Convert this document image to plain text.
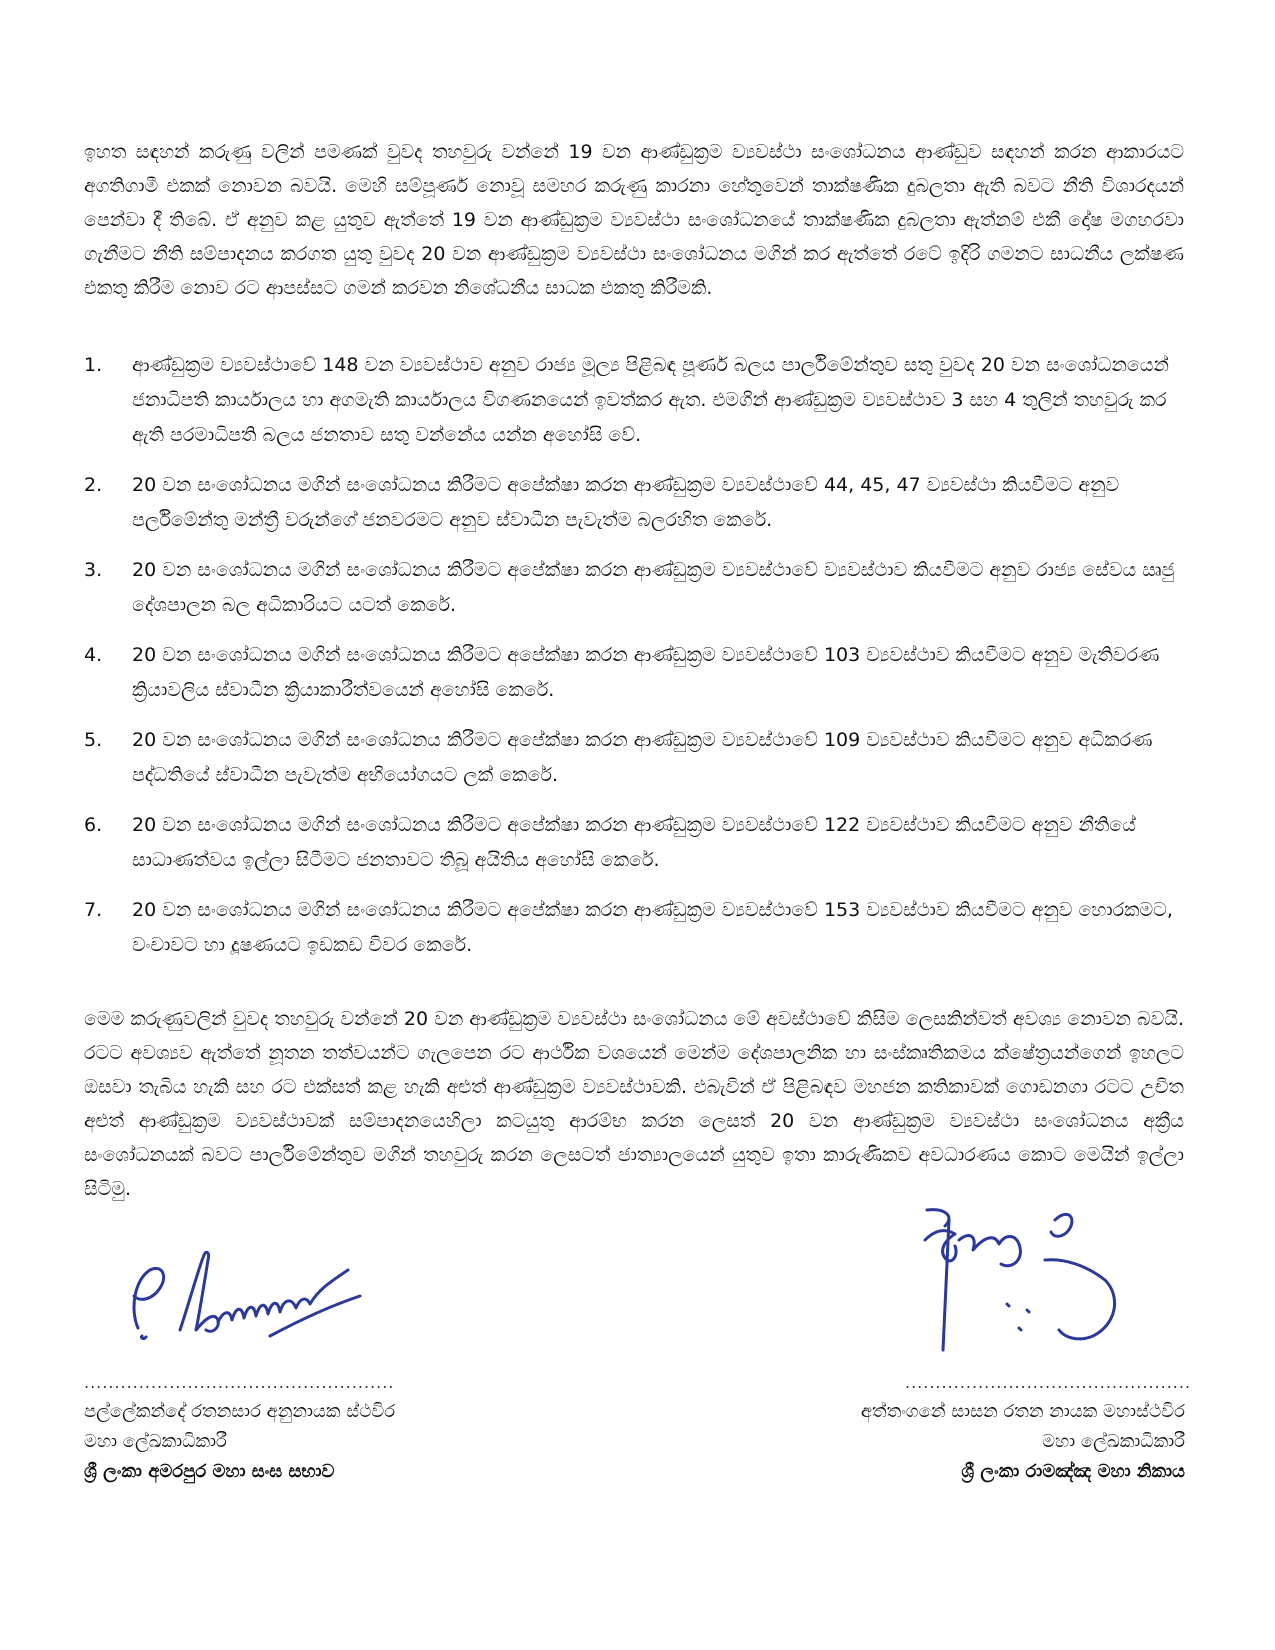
ඉහත සඳහන් කරුණු වලින් පමණක් වුවද තහවුරු වන්නේ 19 වන ආණ්ඩුක්‍රම ව්‍යවස්ථා සංශෝධනය ආණ්ඩුව සඳහන් කරන ආකාරයට අගතිගාමී එකක් නොවන බවයි. මෙහි සම්පූර්ණ නොවූ සමහර කරුණු කාරනා හේතුවෙන් තාක්ෂණික දුබලතා ඇති බවට නීති විශාරදයන් පෙන්වා දී තිබේ. ඒ අනුව කළ යුතුව ඇත්තේ 19 වන ආණ්ඩුක්‍රම ව්‍යවස්ථා සංශෝධනයේ තාක්ෂණික දුබලතා ඇත්නම් එකී දෝෂ මගහරවා ගැනීමට නීති සම්පාදනය කරගත යුතු වුවද 20 වන ආණ්ඩුක්‍රම ව්‍යවස්ථා සංශෝධනය මගින් කර ඇත්තේ රටේ ඉදිරි ගමනට සාධනීය ලක්ෂණ එකතු කිරීම නොව රට ආපස්සට ගමන් කරවන නිශේධනීය සාධක එකතු කිරීමකි.

1. ආණ්ඩුක්‍රම ව්‍යවස්ථාවේ 148 වන ව්‍යවස්ථාව අනුව රාජ්‍ය මූල්‍ය පිළිබඳ පූර්ණ බලය පාර්ලිමේන්තුව සතු වුවද 20 වන සංශෝධනයෙන් ජනාධිපති කාර්යාලය හා අගමැති කාර්යාලය විගණනයෙන් ඉවත්කර ඇත. එමගින් ආණ්ඩුක්‍රම ව්‍යවස්ථාව 3 සහ 4 තුලින් තහවුරු කර ඇති පරමාධිපති බලය ජනතාව සතු වන්නේය යන්න අහෝසි වේ.
2. 20 වන සංශෝධනය මගින් සංශෝධනය කිරීමට අපේක්ෂා කරන ආණ්ඩුක්‍රම ව්‍යවස්ථාවේ 44, 45, 47 ව්‍යවස්ථා කියවීමට අනුව පර්ලිමේන්තු මන්ත්‍රී වරුන්ගේ ජනවරමට අනුව ස්වාධීන පැවැත්ම බලරහිත කෙරේ.
3. 20 වන සංශෝධනය මගින් සංශෝධනය කිරීමට අපේක්ෂා කරන ආණ්ඩුක්‍රම ව්‍යවස්ථාවේ ව්‍යවස්ථාව කියවීමට අනුව රාජ්‍ය සේවය ඍජු දේශපාලන බල අධිකාරියට යටත් කෙරේ.
4. 20 වන සංශෝධනය මගින් සංශෝධනය කිරීමට අපේක්ෂා කරන ආණ්ඩුක්‍රම ව්‍යවස්ථාවේ 103 ව්‍යවස්ථාව කියවීමට අනුව මැතිවරණ ක්‍රියාවලිය ස්වාධීන ක්‍රියාකාරීත්වයෙන් අහෝසි කෙරේ.
5. 20 වන සංශෝධනය මගින් සංශෝධනය කිරීමට අපේක්ෂා කරන ආණ්ඩුක්‍රම ව්‍යවස්ථාවේ 109 ව්‍යවස්ථාව කියවීමට අනුව අධිකරණ පද්ධතියේ ස්වාධීන පැවැත්ම අභියෝගයට ලක් කෙරේ.
6. 20 වන සංශෝධනය මගින් සංශෝධනය කිරීමට අපේක්ෂා කරන ආණ්ඩුක්‍රම ව්‍යවස්ථාවේ 122 ව්‍යවස්ථාව කියවීමට අනුව නීතියේ සාධාණත්වය ඉල්ලා සිටීමට ජනතාවට තිබූ අයිතිය අහෝසි කෙරේ.
7. 20 වන සංශෝධනය මගින් සංශෝධනය කිරීමට අපේක්ෂා කරන ආණ්ඩුක්‍රම ව්‍යවස්ථාවේ 153 ව්‍යවස්ථාව කියවීමට අනුව හොරකමට, වංචාවට හා දූෂණයට ඉඩකඩ විවර කෙරේ.

මෙම කරුණුවලින් වුවද තහවුරු වන්නේ 20 වන ආණ්ඩුක්‍රම ව්‍යවස්ථා සංශෝධනය මේ අවස්ථාවේ කිසිම ලෙසකින්වත් අවශ්‍ය නොවන බවයි. රටට අවශ්‍යව ඇත්තේ නූතන තත්වයන්ට ගැලපෙන රට ආර්ථික වශයෙන් මෙන්ම දේශපාලනික හා සංස්කෘතිකමය ක්ෂේත්‍රයන්ගෙන් ඉහලට ඔසවා තැබිය හැකි සහ රට එක්සත් කළ හැකි අළුත් ආණ්ඩුක්‍රම ව්‍යවස්ථාවකි. එබැවින් ඒ පිළිබඳව මහජන කතිකාවක් ගොඩනගා රටට උචිත අළුත් ආණ්ඩුක්‍රම ව්‍යවස්ථාවක් සම්පාදනයෙහිලා කටයුතු ආරම්භ කරන ලෙසත් 20 වන ආණ්ඩුක්‍රම ව්‍යවස්ථා සංශෝධනය අක්‍රීය සංශෝධනයක් බවට පාර්ලිමේන්තුව මගින් තහවුරු කරන ලෙසටත් ජාත්‍යාලයෙන් යුතුව ඉතා කාරුණිකව අවධාරණය කොට මෙයින් ඉල්ලා සිටිමු.

...................................................	...............................................
පල්ලේකන්දේ රතනසාර අනුනායක ස්ථවිර
මහා ලේඛකාධිකාරී
ශ්‍රී ලංකා අමරපුර මහා සංඝ සභාව
අත්තංගනේ සාසන රතන නායක මහාස්ථවිර
මහා ලේඛකාධිකාරී
ශ්‍රී ලංකා රාමඤ්ඤ මහා නිකාය
